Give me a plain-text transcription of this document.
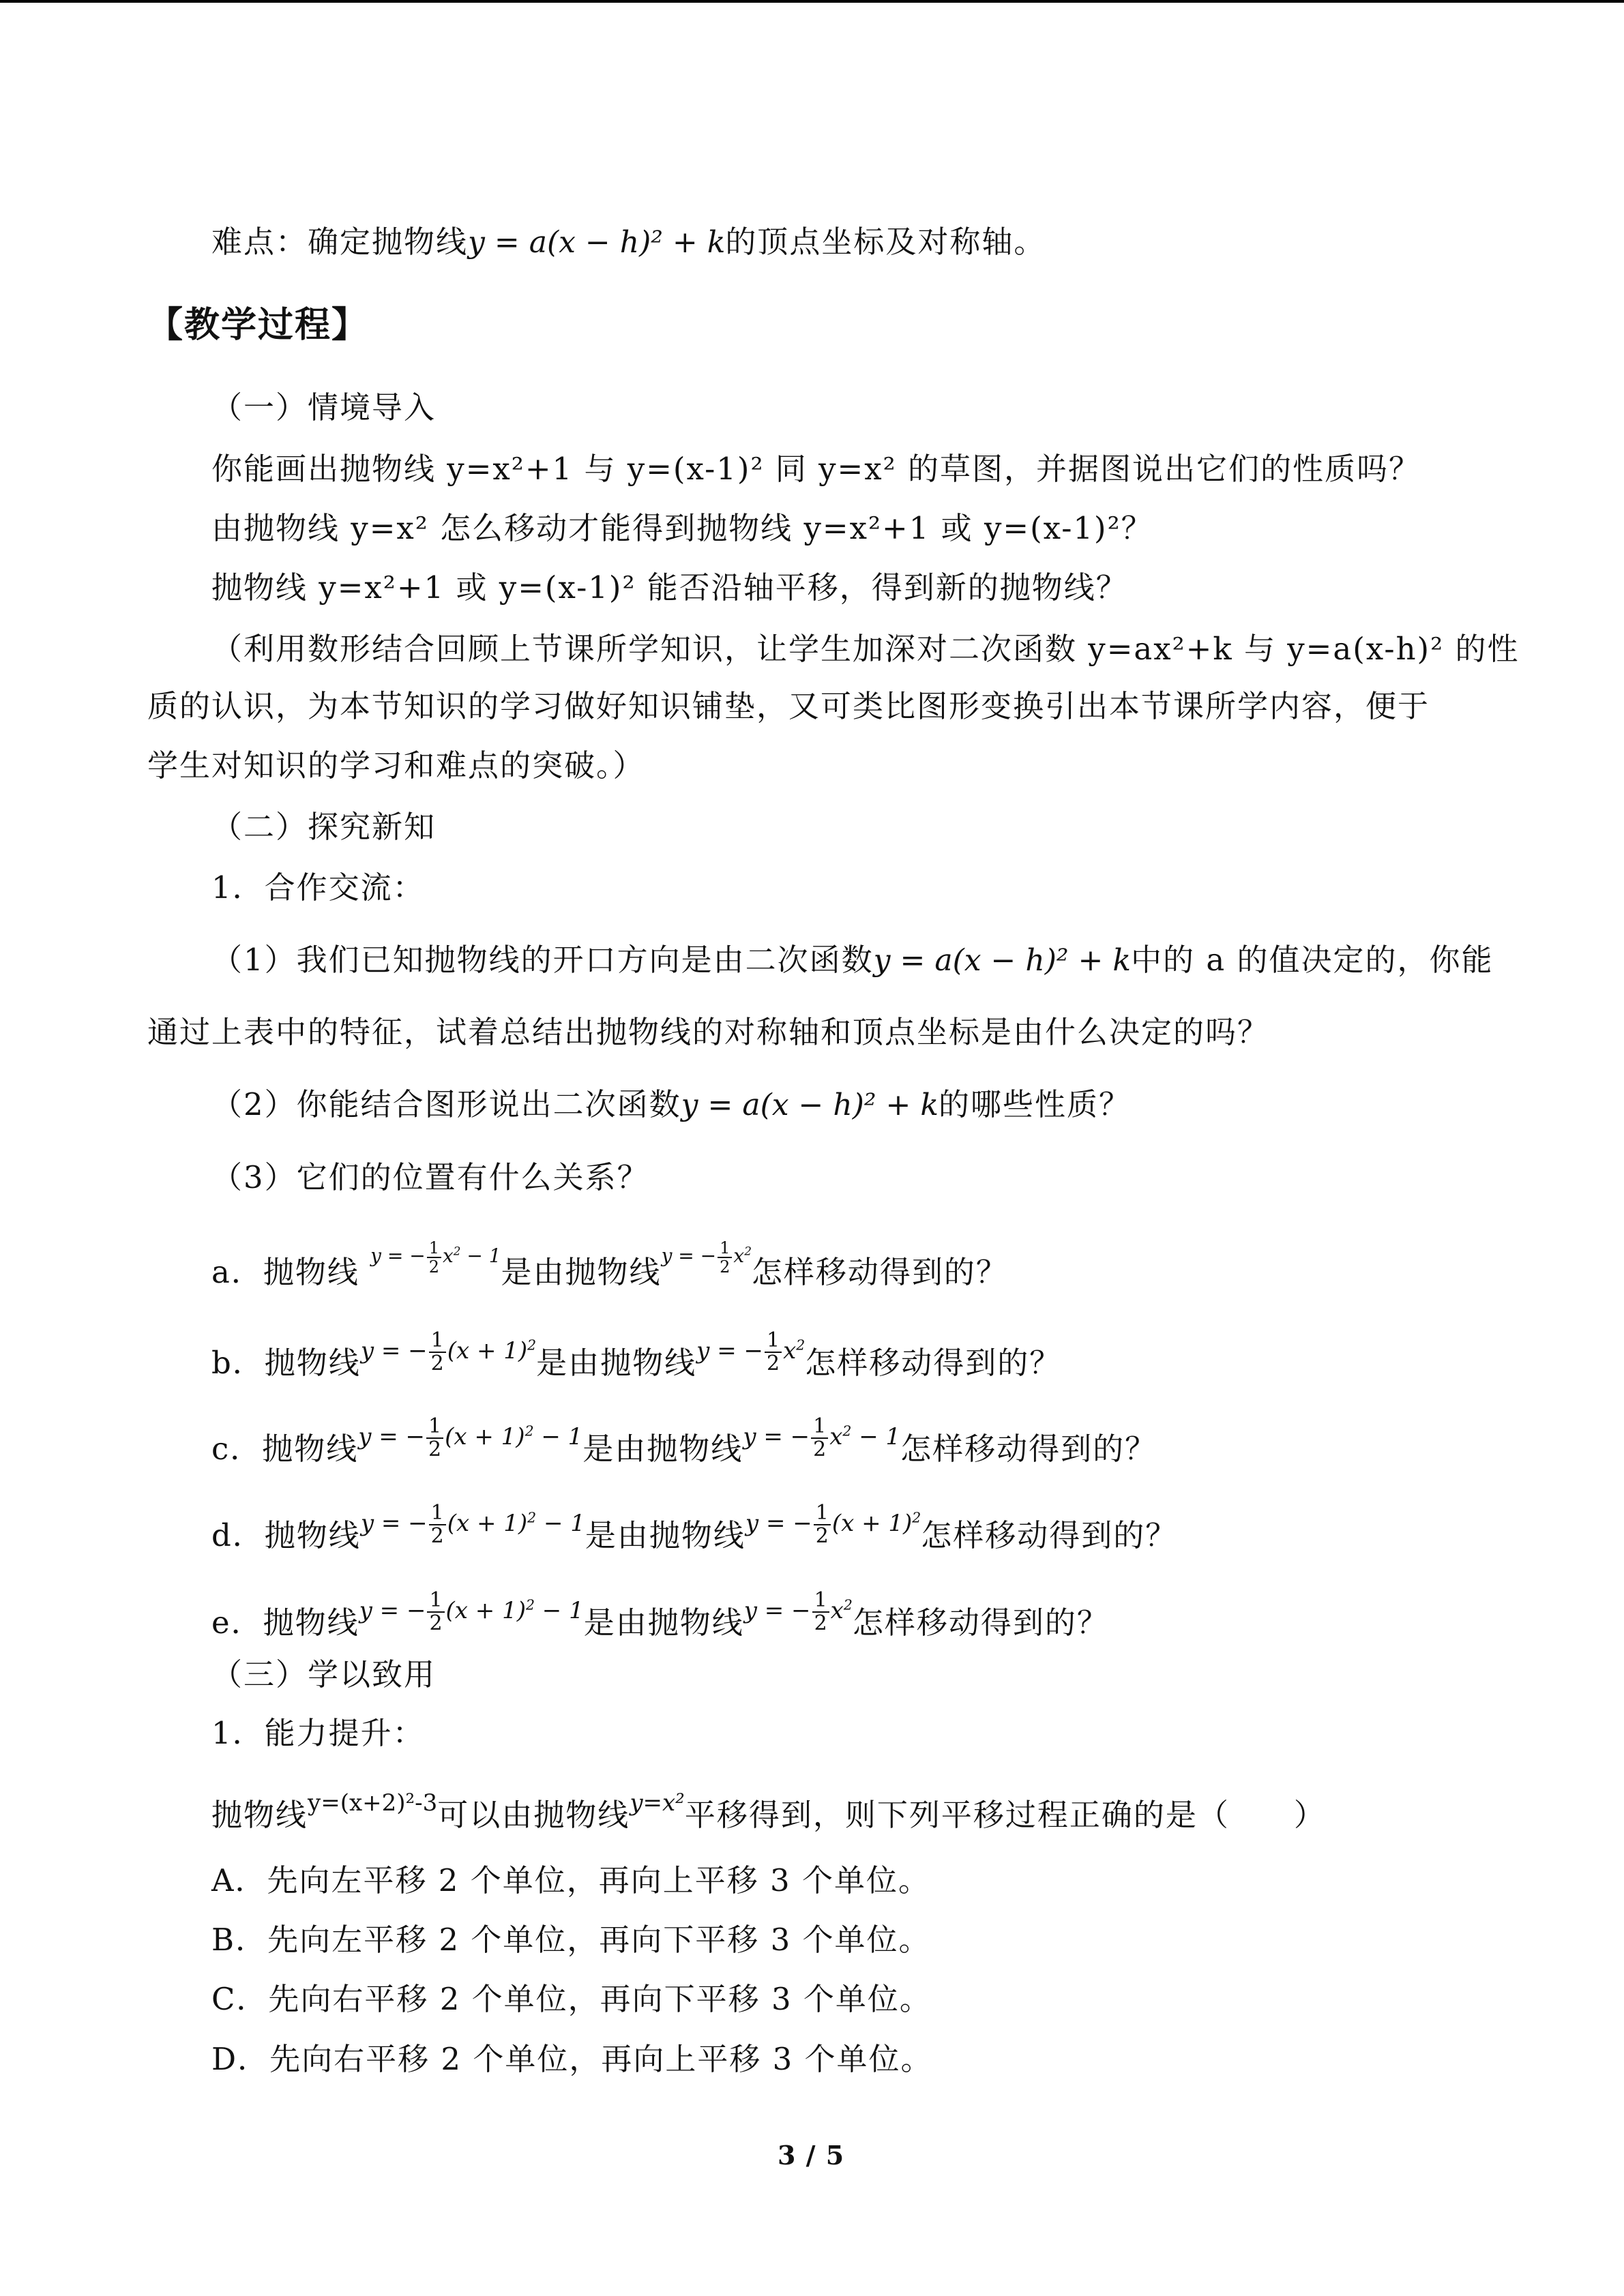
难点：确定抛物线y = a(x − h)² + k的顶点坐标及对称轴。
【教学过程】
（一）情境导入
你能画出抛物线 y=x²+1 与 y=(x-1)² 同 y=x² 的草图，并据图说出它们的性质吗？
由抛物线 y=x² 怎么移动才能得到抛物线 y=x²+1 或 y=(x-1)²？
抛物线 y=x²+1 或 y=(x-1)² 能否沿轴平移，得到新的抛物线？
（利用数形结合回顾上节课所学知识，让学生加深对二次函数 y=ax²+k 与 y=a(x-h)² 的性
质的认识，为本节知识的学习做好知识铺垫，又可类比图形变换引出本节课所学内容，便于
学生对知识的学习和难点的突破。）
（二）探究新知
1．合作交流：
（1）我们已知抛物线的开口方向是由二次函数y = a(x − h)² + k中的 a 的值决定的，你能
通过上表中的特征，试着总结出抛物线的对称轴和顶点坐标是由什么决定的吗？
（2）你能结合图形说出二次函数y = a(x − h)² + k的哪些性质？
（3）它们的位置有什么关系？
a．抛物线 $^{y = - \frac{1}{2} x^2 - 1}$是由抛物线$^{y = - \frac{1}{2} x^2}$怎样移动得到的？
b．抛物线$^{y = - \frac{1}{2} (x + 1)^2}$是由抛物线$^{y = - \frac{1}{2} x^2}$怎样移动得到的？
c．抛物线$^{y = - \frac{1}{2} (x + 1)^2 - 1}$是由抛物线$^{y = - \frac{1}{2} x^2 - 1}$怎样移动得到的？
d．抛物线$^{y = - \frac{1}{2} (x + 1)^2 - 1}$是由抛物线$^{y = - \frac{1}{2} (x + 1)^2}$怎样移动得到的？
e．抛物线$^{y = - \frac{1}{2} (x + 1)^2 - 1}$是由抛物线$^{y = - \frac{1}{2} x^2}$怎样移动得到的？
（三）学以致用
1．能力提升：
抛物线$^{y=(x+2)^2-3}$可以由抛物线$^{y=x^2}$平移得到，则下列平移过程正确的是（　　）
A．先向左平移 2 个单位，再向上平移 3 个单位。
B．先向左平移 2 个单位，再向下平移 3 个单位。
C．先向右平移 2 个单位，再向下平移 3 个单位。
D．先向右平移 2 个单位，再向上平移 3 个单位。
3 / 5
